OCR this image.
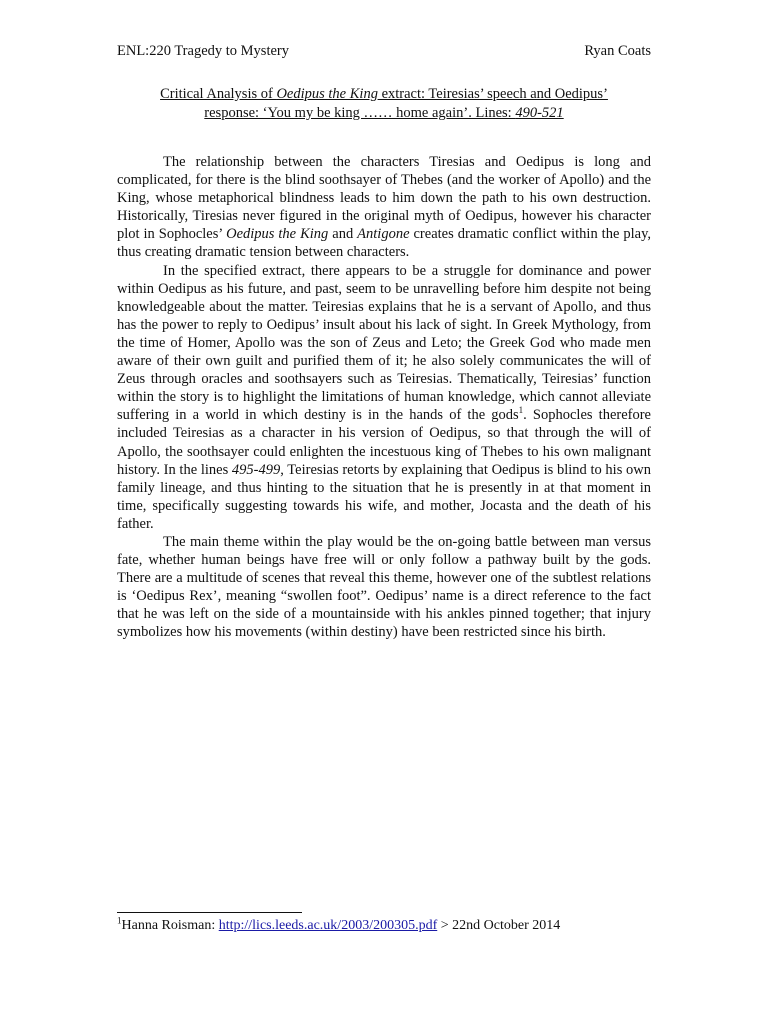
ENL:220 Tragedy to Mystery	Ryan Coats
Critical Analysis of Oedipus the King extract: Teiresias’ speech and Oedipus’
response: ‘You my be king …… home again’. Lines: 490-521

The relationship between the characters Tiresias and Oedipus is long and complicated, for there is the blind soothsayer of Thebes (and the worker of Apollo) and the King, whose metaphorical blindness leads to him down the path to his own destruction. Historically, Tiresias never figured in the original myth of Oedipus, however his character plot in Sophocles’ Oedipus the King and Antigone creates dramatic conflict within the play, thus creating dramatic tension between characters.

In the specified extract, there appears to be a struggle for dominance and power within Oedipus as his future, and past, seem to be unravelling before him despite not being knowledgeable about the matter. Teiresias explains that he is a servant of Apollo, and thus has the power to reply to Oedipus’ insult about his lack of sight. In Greek Mythology, from the time of Homer, Apollo was the son of Zeus and Leto; the Greek God who made men aware of their own guilt and purified them of it; he also solely communicates the will of Zeus through oracles and soothsayers such as Teiresias. Thematically, Teiresias’ function within the story is to highlight the limitations of human knowledge, which cannot alleviate suffering in a world in which destiny is in the hands of the gods$^1$. Sophocles therefore included Teiresias as a character in his version of Oedipus, so that through the will of Apollo, the soothsayer could enlighten the incestuous king of Thebes to his own malignant history. In the lines 495-499, Teiresias retorts by explaining that Oedipus is blind to his own family lineage, and thus hinting to the situation that he is presently in at that moment in time, specifically suggesting towards his wife, and mother, Jocasta and the death of his father.

The main theme within the play would be the on-going battle between man versus fate, whether human beings have free will or only follow a pathway built by the gods. There are a multitude of scenes that reveal this theme, however one of the subtlest relations is ‘Oedipus Rex’, meaning “swollen foot”. Oedipus’ name is a direct reference to the fact that he was left on the side of a mountainside with his ankles pinned together; that injury symbolizes how his movements (within destiny) have been restricted since his birth.

$^1$Hanna Roisman: http://lics.leeds.ac.uk/2003/200305.pdf > 22nd October 2014
